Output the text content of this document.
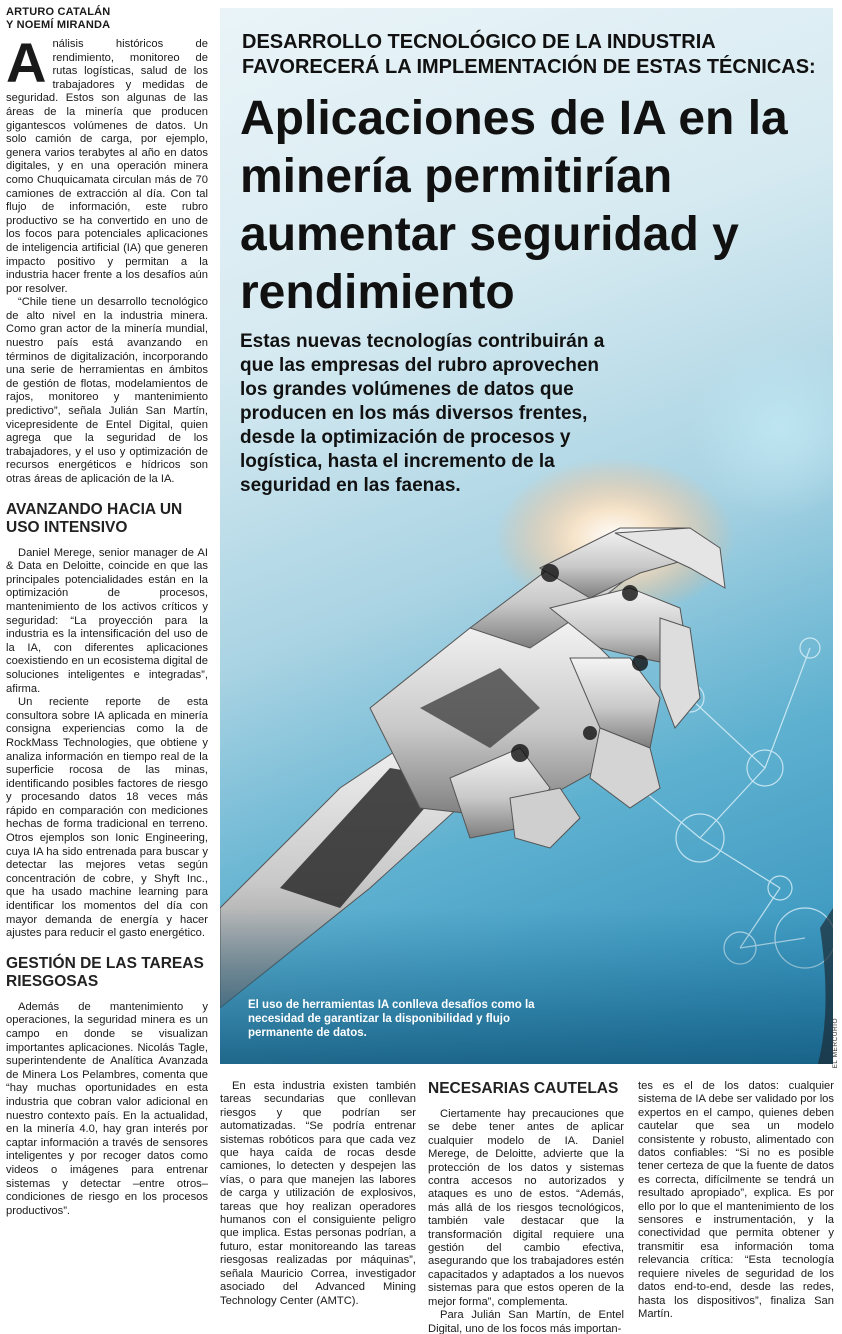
ARTURO CATALÁN
Y NOEMÍ MIRANDA

Análisis históricos de rendimiento, monitoreo de rutas logísticas, salud de los trabajadores y medidas de seguridad. Estos son algunas de las áreas de la minería que producen gigantescos volúmenes de datos. Un solo camión de carga, por ejemplo, genera varios terabytes al año en datos digitales, y en una operación minera como Chuquicamata circulan más de 70 camiones de extracción al día. Con tal flujo de información, este rubro productivo se ha convertido en uno de los focos para potenciales aplicaciones de inteligencia artificial (IA) que generen impacto positivo y permitan a la industria hacer frente a los desafíos aún por resolver.

“Chile tiene un desarrollo tecnológico de alto nivel en la industria minera. Como gran actor de la minería mundial, nuestro país está avanzando en términos de digitalización, incorporando una serie de herramientas en ámbitos de gestión de flotas, modelamientos de rajos, monitoreo y mantenimiento predictivo”, señala Julián San Martín, vicepresidente de Entel Digital, quien agrega que la seguridad de los trabajadores, y el uso y optimización de recursos energéticos e hídricos son otras áreas de aplicación de la IA.

AVANZANDO HACIA UN USO INTENSIVO

Daniel Merege, senior manager de AI & Data en Deloitte, coincide en que las principales potencialidades están en la optimización de procesos, mantenimiento de los activos críticos y seguridad: “La proyección para la industria es la intensificación del uso de la IA, con diferentes aplicaciones coexistiendo en un ecosistema digital de soluciones inteligentes e integradas”, afirma.

Un reciente reporte de esta consultora sobre IA aplicada en minería consigna experiencias como la de RockMass Technologies, que obtiene y analiza información en tiempo real de la superficie rocosa de las minas, identificando posibles factores de riesgo y procesando datos 18 veces más rápido en comparación con mediciones hechas de forma tradicional en terreno. Otros ejemplos son Ionic Engineering, cuya IA ha sido entrenada para buscar y detectar las mejores vetas según concentración de cobre, y Shyft Inc., que ha usado machine learning para identificar los momentos del día con mayor demanda de energía y hacer ajustes para reducir el gasto energético.

GESTIÓN DE LAS TAREAS RIESGOSAS

Además de mantenimiento y operaciones, la seguridad minera es un campo en donde se visualizan importantes aplicaciones. Nicolás Tagle, superintendente de Analítica Avanzada de Minera Los Pelambres, comenta que “hay muchas oportunidades en esta industria que cobran valor adicional en nuestro contexto país. En la actualidad, en la minería 4.0, hay gran interés por captar información a través de sensores inteligentes y por recoger datos como videos o imágenes para entrenar sistemas y detectar –entre otros– condiciones de riesgo en los procesos productivos”.

DESARROLLO TECNOLÓGICO DE LA INDUSTRIA FAVORECERÁ LA IMPLEMENTACIÓN DE ESTAS TÉCNICAS:
Aplicaciones de IA en la minería permitirían aumentar seguridad y rendimiento

Estas nuevas tecnologías contribuirán a que las empresas del rubro aprovechen los grandes volúmenes de datos que producen en los más diversos frentes, desde la optimización de procesos y logística, hasta el incremento de la seguridad en las faenas.

El uso de herramientas IA conlleva desafíos como la necesidad de garantizar la disponibilidad y flujo permanente de datos.	EL MERCURIO

En esta industria existen también tareas secundarias que conllevan riesgos y que podrían ser automatizadas. “Se podría entrenar sistemas robóticos para que cada vez que haya caída de rocas desde camiones, lo detecten y despejen las vías, o para que manejen las labores de carga y utilización de explosivos, tareas que hoy realizan operadores humanos con el consiguiente peligro que implica. Estas personas podrían, a futuro, estar monitoreando las tareas riesgosas realizadas por máquinas”, señala Mauricio Correa, investigador asociado del Advanced Mining Technology Center (AMTC).

NECESARIAS CAUTELAS

Ciertamente hay precauciones que se debe tener antes de aplicar cualquier modelo de IA. Daniel Merege, de Deloitte, advierte que la protección de los datos y sistemas contra accesos no autorizados y ataques es uno de estos. “Además, más allá de los riesgos tecnológicos, también vale destacar que la transformación digital requiere una gestión del cambio efectiva, asegurando que los trabajadores estén capacitados y adaptados a los nuevos sistemas para que estos operen de la mejor forma”, complementa.

Para Julián San Martín, de Entel Digital, uno de los focos más importan-

tes es el de los datos: cualquier sistema de IA debe ser validado por los expertos en el campo, quienes deben cautelar que sea un modelo consistente y robusto, alimentado con datos confiables: “Si no es posible tener certeza de que la fuente de datos es correcta, difícilmente se tendrá un resultado apropiado”, explica. Es por ello por lo que el mantenimiento de los sensores e instrumentación, y la conectividad que permita obtener y transmitir esa información toma relevancia crítica: “Esta tecnología requiere niveles de seguridad de los datos end-to-end, desde las redes, hasta los dispositivos”, finaliza San Martín.
